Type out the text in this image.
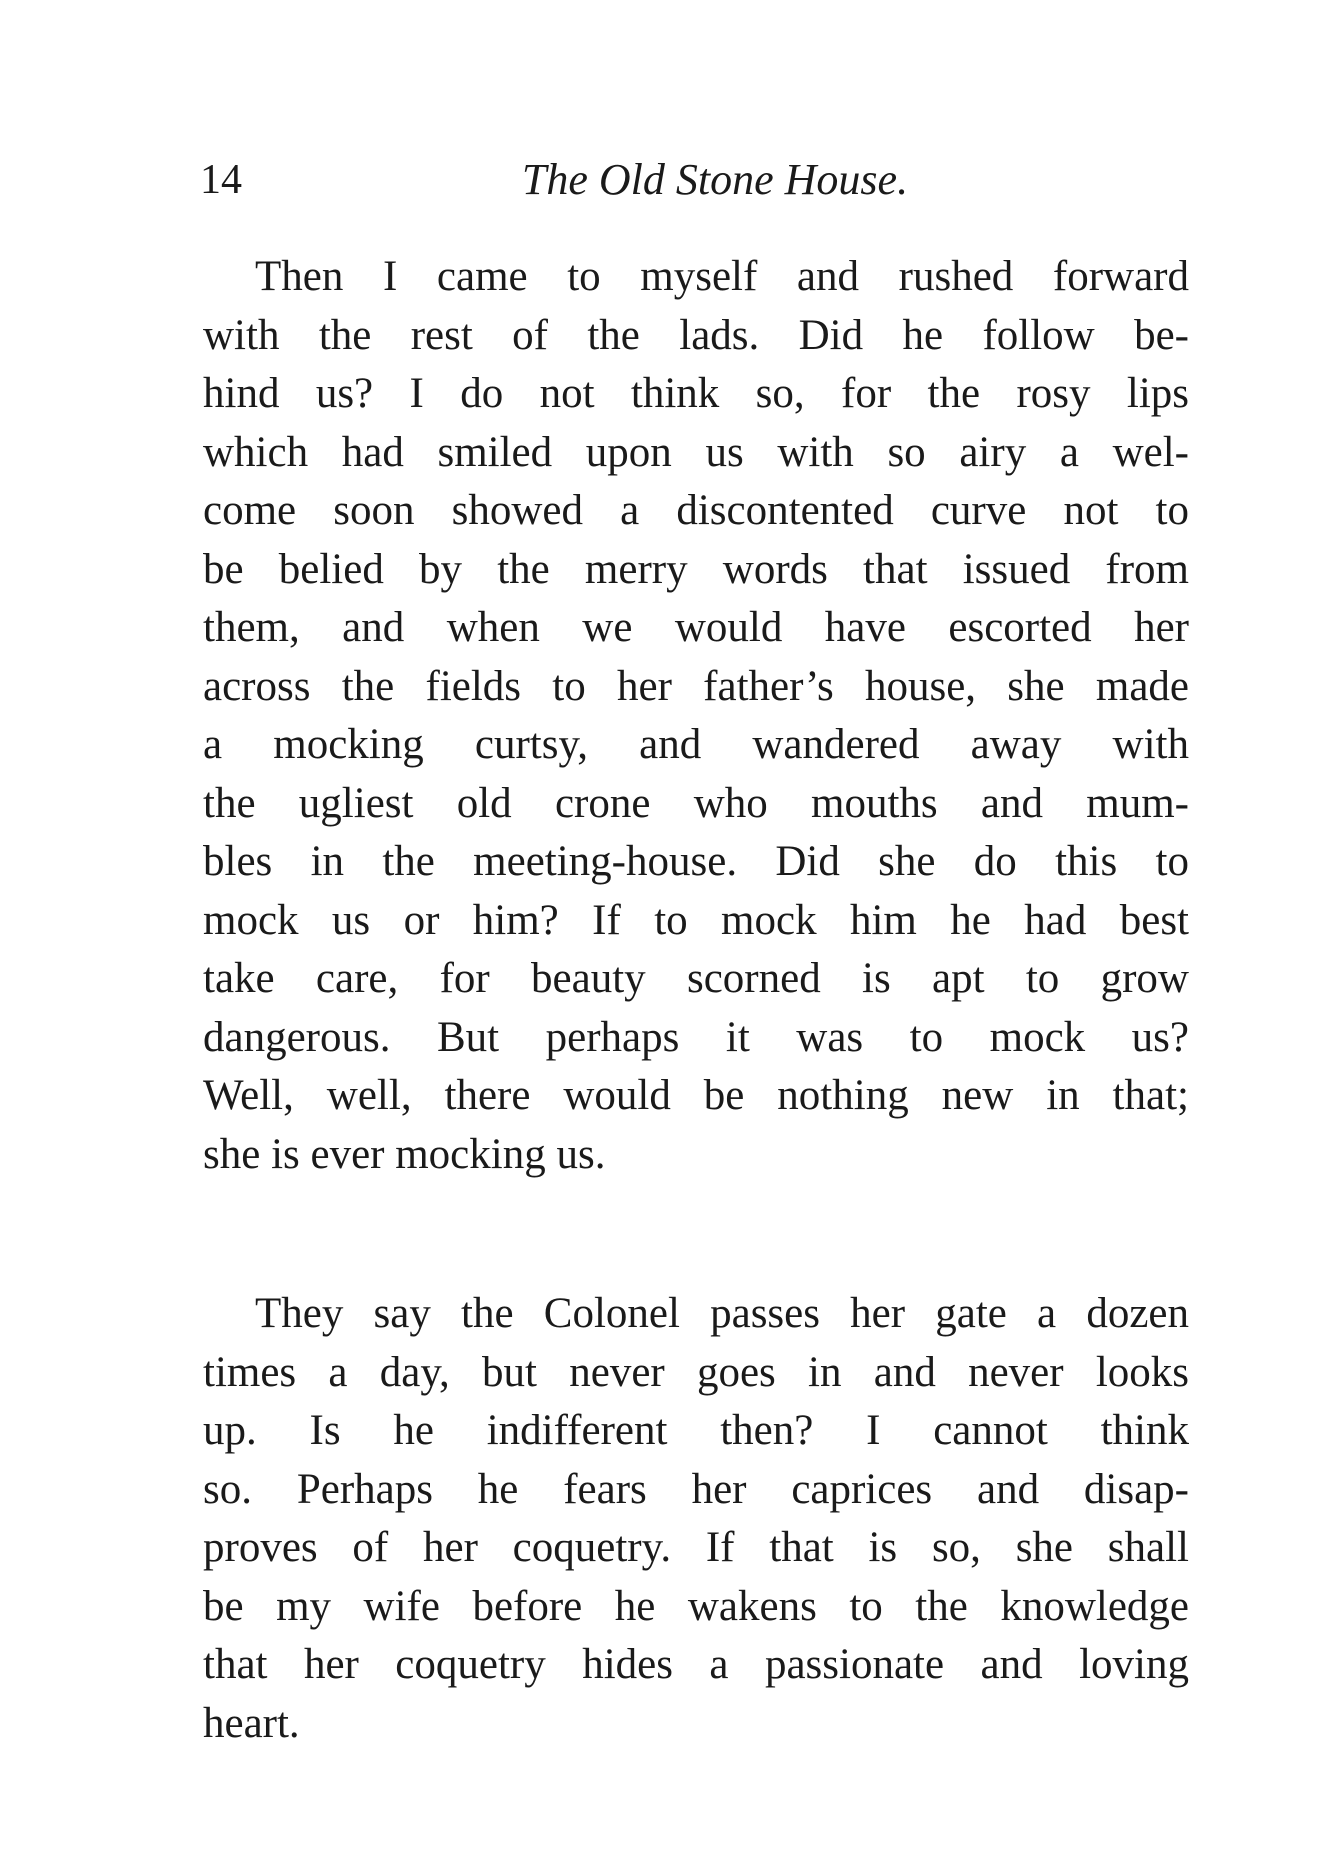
14	The Old Stone House.
Then I came to myself and rushed forward
with the rest of the lads. Did he follow be-
hind us? I do not think so, for the rosy lips
which had smiled upon us with so airy a wel-
come soon showed a discontented curve not to
be belied by the merry words that issued from
them, and when we would have escorted her
across the fields to her father’s house, she made
a mocking curtsy, and wandered away with
the ugliest old crone who mouths and mum-
bles in the meeting-house. Did she do this to
mock us or him? If to mock him he had best
take care, for beauty scorned is apt to grow
dangerous. But perhaps it was to mock us?
Well, well, there would be nothing new in that;
she is ever mocking us.
They say the Colonel passes her gate a dozen
times a day, but never goes in and never looks
up. Is he indifferent then? I cannot think
so. Perhaps he fears her caprices and disap-
proves of her coquetry. If that is so, she shall
be my wife before he wakens to the knowledge
that her coquetry hides a passionate and loving
heart.
